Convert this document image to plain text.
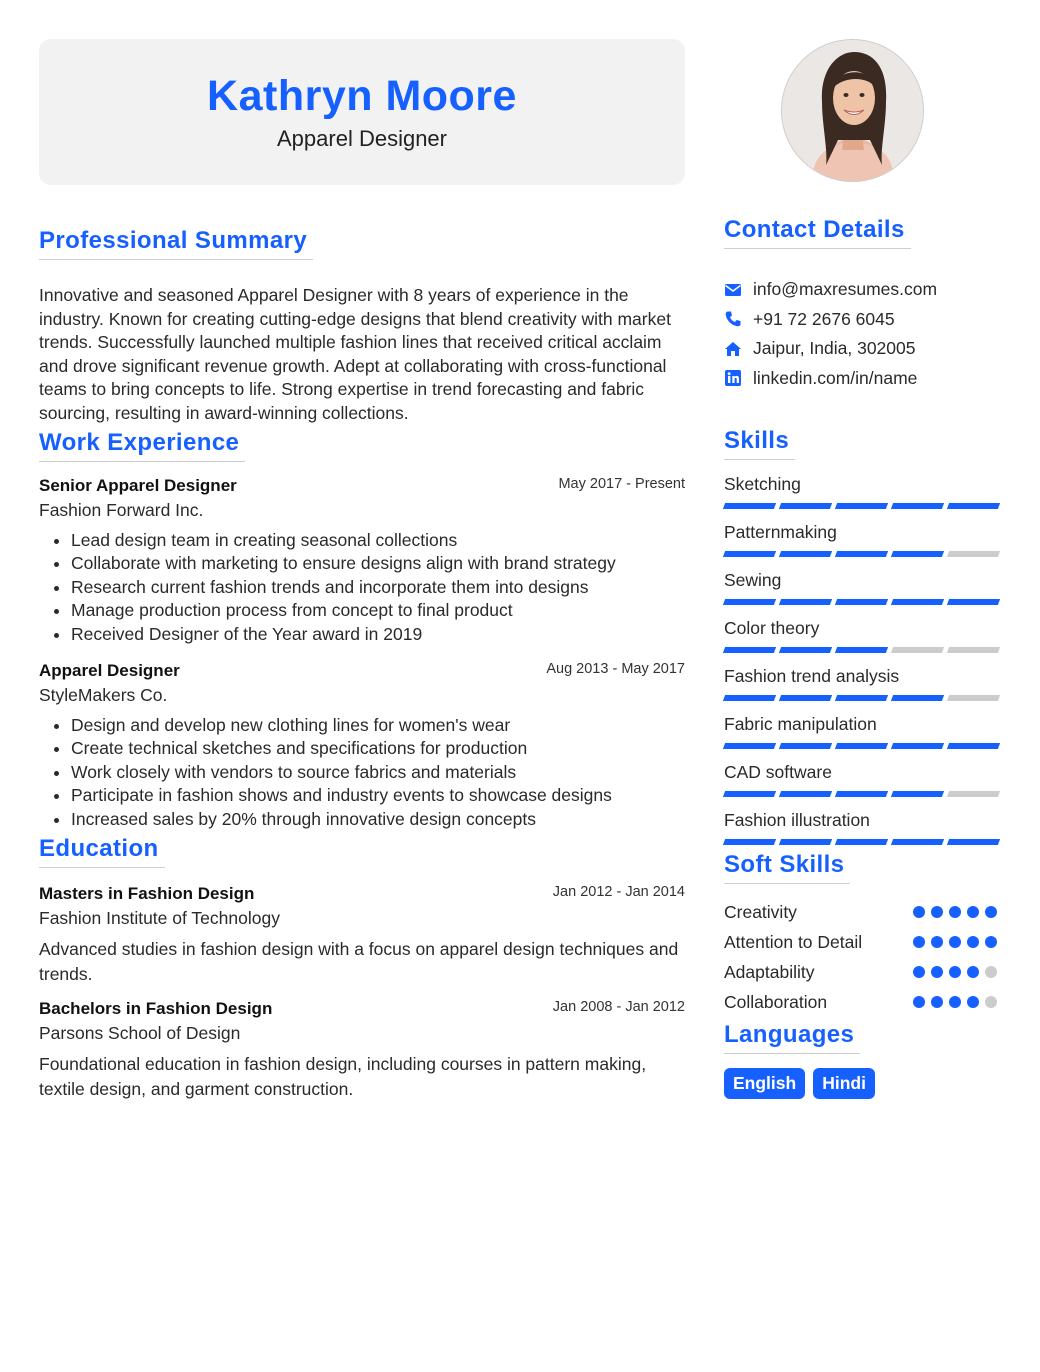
Kathryn Moore
Apparel Designer
Professional Summary
Innovative and seasoned Apparel Designer with 8 years of experience in the industry. Known for creating cutting-edge designs that blend creativity with market trends. Successfully launched multiple fashion lines that received critical acclaim and drove significant revenue growth. Adept at collaborating with cross-functional teams to bring concepts to life. Strong expertise in trend forecasting and fabric sourcing, resulting in award-winning collections.
Work Experience
Senior Apparel Designer	May 2017 - Present
Fashion Forward Inc.
• Lead design team in creating seasonal collections
• Collaborate with marketing to ensure designs align with brand strategy
• Research current fashion trends and incorporate them into designs
• Manage production process from concept to final product
• Received Designer of the Year award in 2019
Apparel Designer	Aug 2013 - May 2017
StyleMakers Co.
• Design and develop new clothing lines for women's wear
• Create technical sketches and specifications for production
• Work closely with vendors to source fabrics and materials
• Participate in fashion shows and industry events to showcase designs
• Increased sales by 20% through innovative design concepts
Education
Masters in Fashion Design	Jan 2012 - Jan 2014
Fashion Institute of Technology
Advanced studies in fashion design with a focus on apparel design techniques and trends.
Bachelors in Fashion Design	Jan 2008 - Jan 2012
Parsons School of Design
Foundational education in fashion design, including courses in pattern making, textile design, and garment construction.
Contact Details
info@maxresumes.com
+91 72 2676 6045
Jaipur, India, 302005
linkedin.com/in/name
Skills
Sketching
Patternmaking
Sewing
Color theory
Fashion trend analysis
Fabric manipulation
CAD software
Fashion illustration
Soft Skills
Creativity
Attention to Detail
Adaptability
Collaboration
Languages
English	Hindi
